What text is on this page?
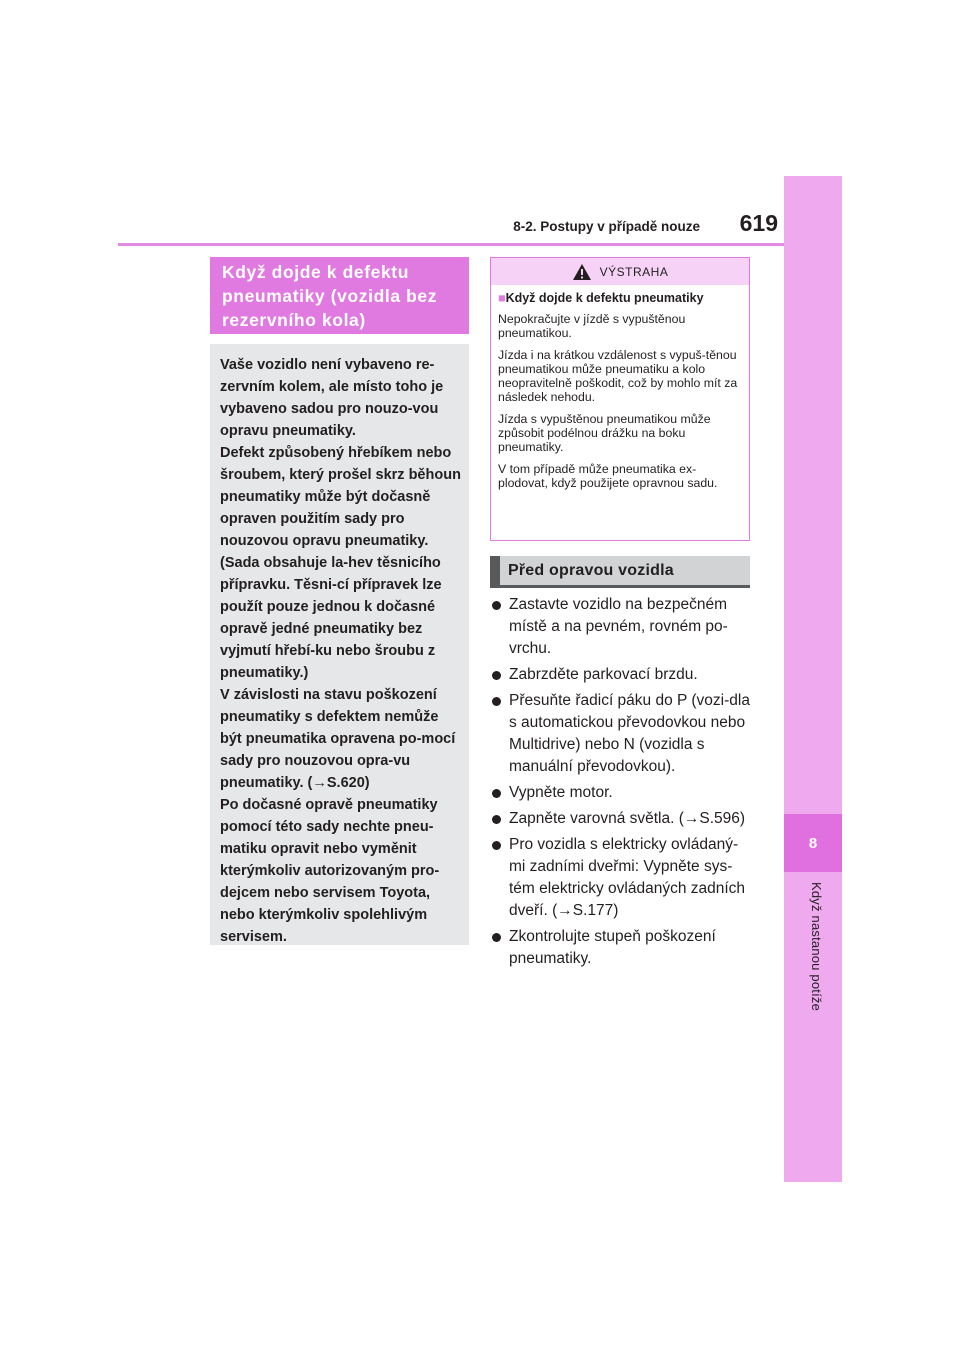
8
Když nastanou potíže
8-2. Postupy v případě nouze	619
Když dojde k defektu pneumatiky (vozidla bez rezervního kola)

Vaše vozidlo není vybaveno re-zervním kolem, ale místo toho je vybaveno sadou pro nouzo-vou opravu pneumatiky.

Defekt způsobený hřebíkem nebo šroubem, který prošel skrz běhoun pneumatiky může být dočasně opraven použitím sady pro nouzovou opravu pneumatiky. (Sada obsahuje la-hev těsnicího přípravku. Těsni-cí přípravek lze použít pouze jednou k dočasné opravě jedné pneumatiky bez vyjmutí hřebí-ku nebo šroubu z pneumatiky.)

V závislosti na stavu poškození pneumatiky s defektem nemůže být pneumatika opravena po-mocí sady pro nouzovou opra-vu pneumatiky. (→S.620)

Po dočasné opravě pneumatiky pomocí této sady nechte pneu-matiku opravit nebo vyměnit kterýmkoliv autorizovaným pro-dejcem nebo servisem Toyota, nebo kterýmkoliv spolehlivým servisem.

VÝSTRAHA

■Když dojde k defektu pneumatiky

Nepokračujte v jízdě s vypuštěnou pneumatikou.

Jízda i na krátkou vzdálenost s vypuš-těnou pneumatikou může pneumatiku a kolo neopravitelně poškodit, což by mohlo mít za následek nehodu.

Jízda s vypuštěnou pneumatikou může způsobit podélnou drážku na boku pneumatiky.

V tom případě může pneumatika ex-plodovat, když použijete opravnou sadu.

Před opravou vozidla
Zastavte vozidlo na bezpečném místě a na pevném, rovném po-vrchu.
Zabrzděte parkovací brzdu.
Přesuňte řadicí páku do P (vozi-dla s automatickou převodovkou nebo Multidrive) nebo N (vozidla s manuální převodovkou).
Vypněte motor.
Zapněte varovná světla. (→S.596)
Pro vozidla s elektricky ovládaný-mi zadními dveřmi: Vypněte sys-tém elektricky ovládaných zadních dveří. (→S.177)
Zkontrolujte stupeň poškození pneumatiky.
